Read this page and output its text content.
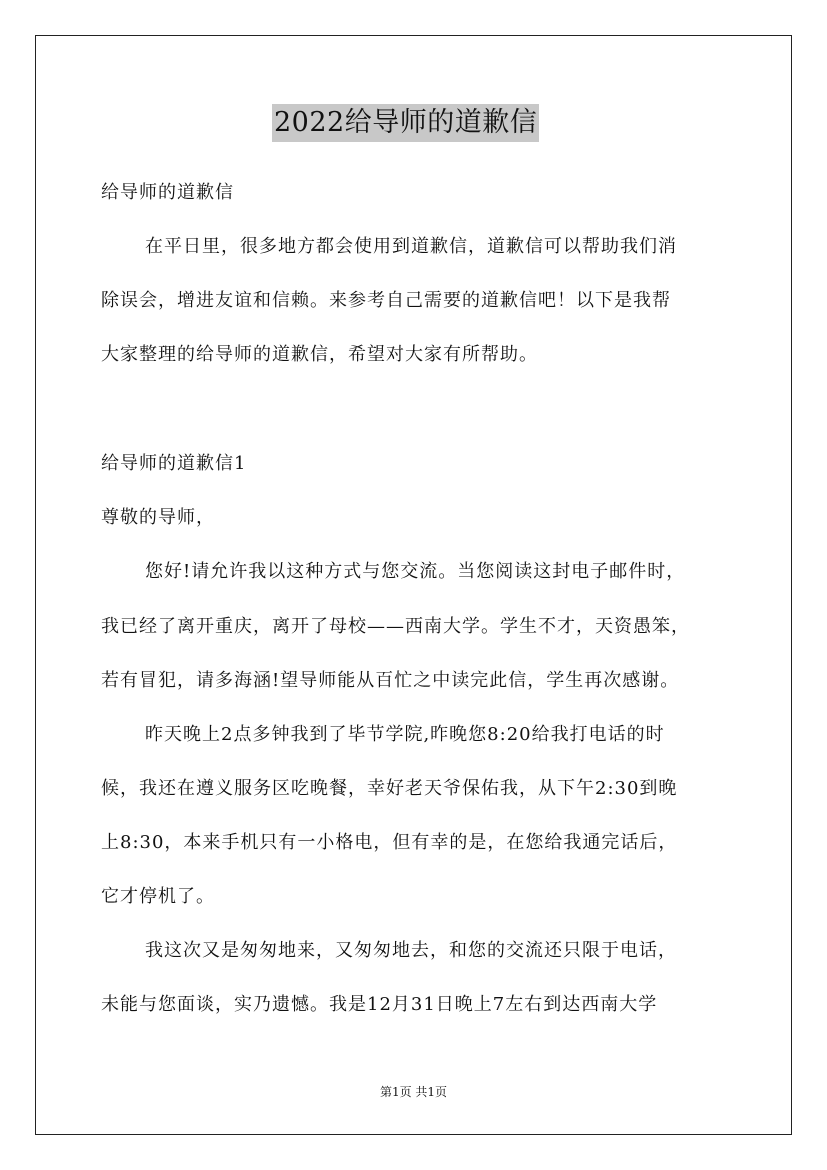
2022给导师的道歉信
给导师的道歉信
在平日里，很多地方都会使用到道歉信，道歉信可以帮助我们消
除误会，增进友谊和信赖。来参考自己需要的道歉信吧！以下是我帮
大家整理的给导师的道歉信，希望对大家有所帮助。
给导师的道歉信1
尊敬的导师，
您好!请允许我以这种方式与您交流。当您阅读这封电子邮件时，
我已经了离开重庆，离开了母校——西南大学。学生不才，天资愚笨，
若有冒犯，请多海涵!望导师能从百忙之中读完此信，学生再次感谢。
昨天晚上2点多钟我到了毕节学院,昨晚您8:20给我打电话的时
候，我还在遵义服务区吃晚餐，幸好老天爷保佑我，从下午2:30到晚
上8:30，本来手机只有一小格电，但有幸的是，在您给我通完话后，
它才停机了。
我这次又是匆匆地来，又匆匆地去，和您的交流还只限于电话，
未能与您面谈，实乃遗憾。我是12月31日晚上7左右到达西南大学
第1页 共1页
